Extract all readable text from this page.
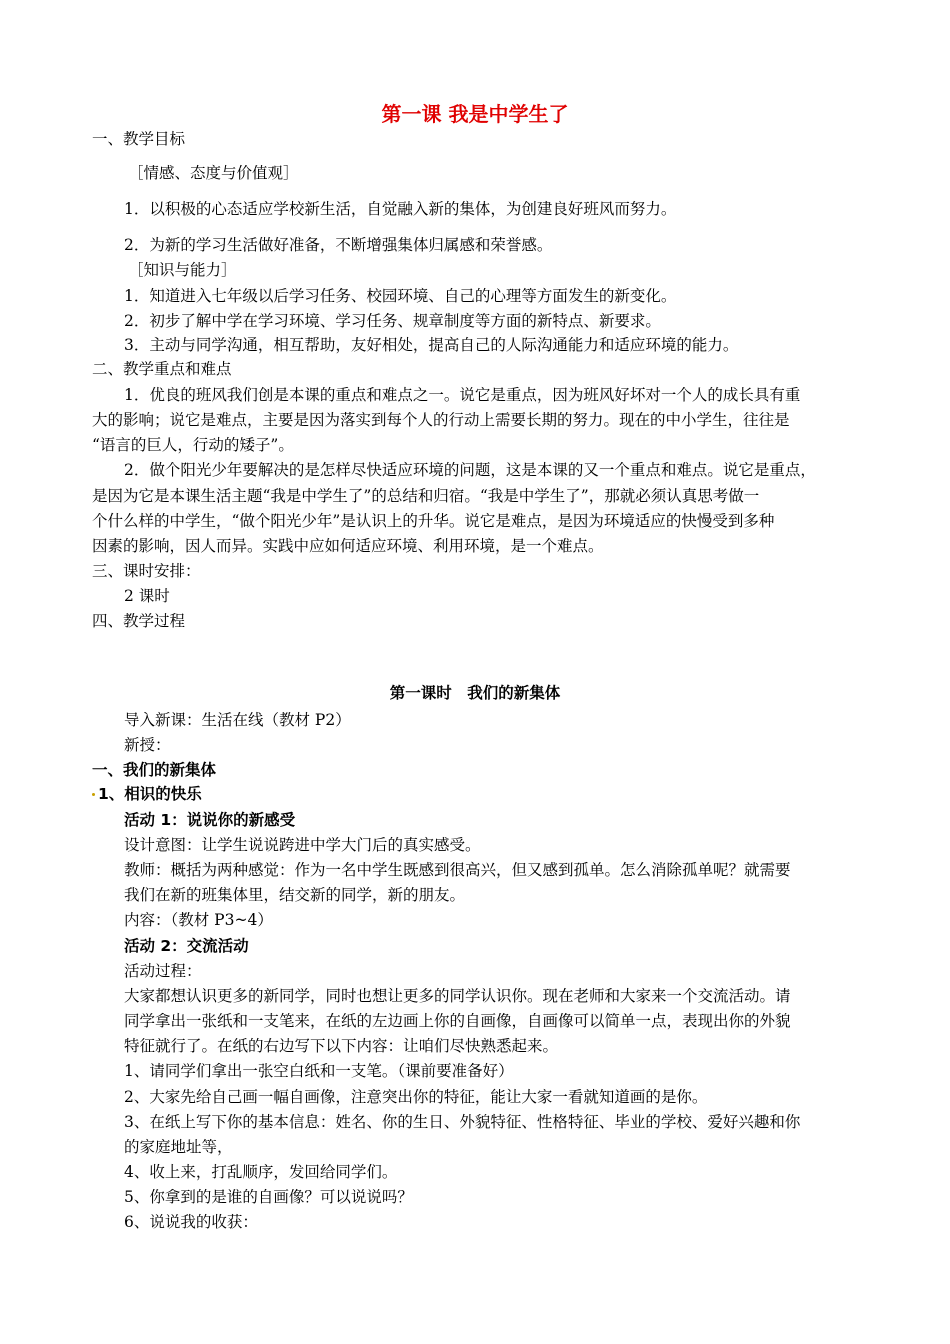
第一课 我是中学生了
一、教学目标
［情感、态度与价值观］
1．以积极的心态适应学校新生活，自觉融入新的集体，为创建良好班风而努力。
2．为新的学习生活做好准备，不断增强集体归属感和荣誉感。
［知识与能力］
1．知道进入七年级以后学习任务、校园环境、自己的心理等方面发生的新变化。
2．初步了解中学在学习环境、学习任务、规章制度等方面的新特点、新要求。
3．主动与同学沟通，相互帮助，友好相处，提高自己的人际沟通能力和适应环境的能力。
二、教学重点和难点
1．优良的班风我们创是本课的重点和难点之一。说它是重点，因为班风好坏对一个人的成长具有重
大的影响；说它是难点，主要是因为落实到每个人的行动上需要长期的努力。现在的中小学生，往往是
“语言的巨人，行动的矮子”。
2．做个阳光少年要解决的是怎样尽快适应环境的问题，这是本课的又一个重点和难点。说它是重点，
是因为它是本课生活主题“我是中学生了”的总结和归宿。“我是中学生了”，那就必须认真思考做一
个什么样的中学生，“做个阳光少年”是认识上的升华。说它是难点，是因为环境适应的快慢受到多种
因素的影响，因人而异。实践中应如何适应环境、利用环境，是一个难点。
三、课时安排：
2 课时
四、教学过程
第一课时　我们的新集体
导入新课：生活在线（教材 P2）
新授：
一、我们的新集体
1、相识的快乐
活动 1：说说你的新感受
设计意图：让学生说说跨进中学大门后的真实感受。
教师：概括为两种感觉：作为一名中学生既感到很高兴，但又感到孤单。怎么消除孤单呢？就需要
我们在新的班集体里，结交新的同学，新的朋友。
内容：（教材 P3~4）
活动 2：交流活动
活动过程：
大家都想认识更多的新同学，同时也想让更多的同学认识你。现在老师和大家来一个交流活动。请
同学拿出一张纸和一支笔来，在纸的左边画上你的自画像，自画像可以简单一点，表现出你的外貌
特征就行了。在纸的右边写下以下内容：让咱们尽快熟悉起来。
1、请同学们拿出一张空白纸和一支笔。（课前要准备好）
2、大家先给自己画一幅自画像，注意突出你的特征，能让大家一看就知道画的是你。
3、在纸上写下你的基本信息：姓名、你的生日、外貌特征、性格特征、毕业的学校、爱好兴趣和你
的家庭地址等，
4、收上来，打乱顺序，发回给同学们。
5、你拿到的是谁的自画像？可以说说吗？
6、说说我的收获：
